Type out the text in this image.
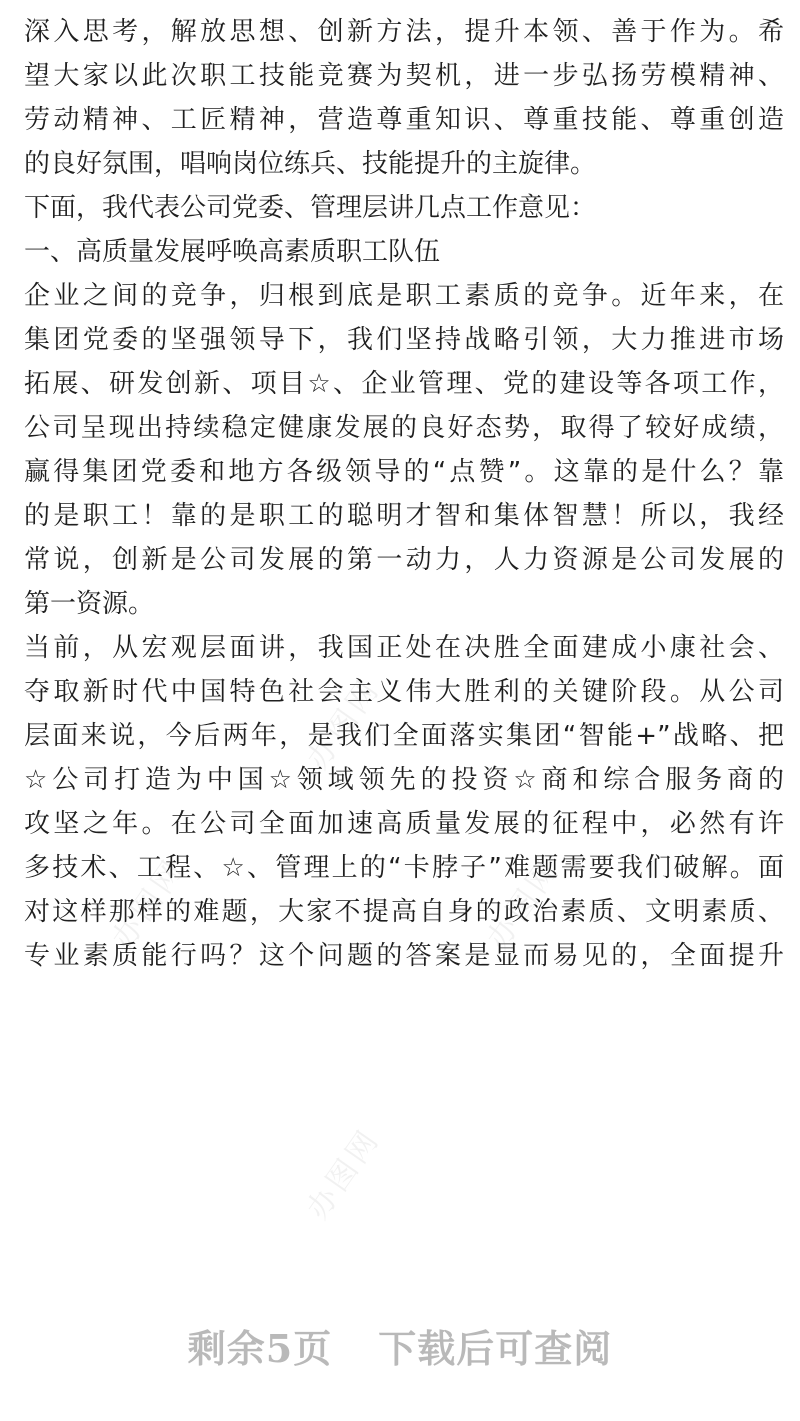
深入思考，解放思想、创新方法，提升本领、善于作为。希
望大家以此次职工技能竞赛为契机，进一步弘扬劳模精神、
劳动精神、工匠精神，营造尊重知识、尊重技能、尊重创造
的良好氛围，唱响岗位练兵、技能提升的主旋律。
下面，我代表公司党委、管理层讲几点工作意见：
一、高质量发展呼唤高素质职工队伍
企业之间的竞争，归根到底是职工素质的竞争。近年来，在
集团党委的坚强领导下，我们坚持战略引领，大力推进市场
拓展、研发创新、项目☆、企业管理、党的建设等各项工作，
公司呈现出持续稳定健康发展的良好态势，取得了较好成绩，
赢得集团党委和地方各级领导的“点赞”。这靠的是什么？靠
的是职工！靠的是职工的聪明才智和集体智慧！所以，我经
常说，创新是公司发展的第一动力，人力资源是公司发展的
第一资源。
当前，从宏观层面讲，我国正处在决胜全面建成小康社会、
夺取新时代中国特色社会主义伟大胜利的关键阶段。从公司
层面来说，今后两年，是我们全面落实集团“智能+”战略、把
☆公司打造为中国☆领域领先的投资☆商和综合服务商的
攻坚之年。在公司全面加速高质量发展的征程中，必然有许
多技术、工程、☆、管理上的“卡脖子”难题需要我们破解。面
对这样那样的难题，大家不提高自身的政治素质、文明素质、
专业素质能行吗？这个问题的答案是显而易见的，全面提升
办图网
办图网	办图网
办图网
剩余5页 下载后可查阅
